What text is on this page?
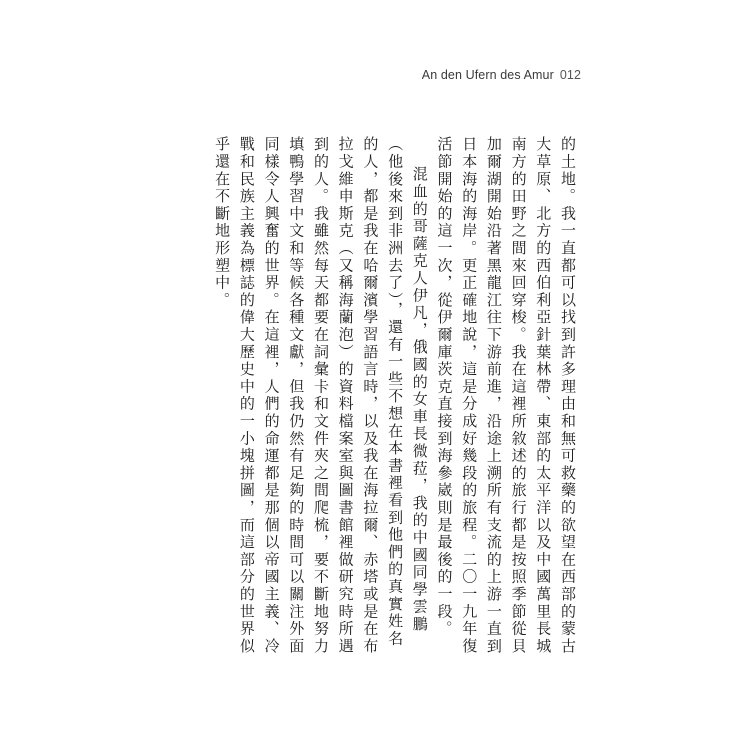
An den Ufern des Amur 012

的土地。我一直都可以找到許多理由和無可救藥的欲望在西部的蒙古大草原、北方的西伯利亞針葉林帶、東部的太平洋以及中國萬里長城南方的田野之間來回穿梭。我在這裡所敘述的旅行都是按照季節從貝加爾湖開始沿著黑龍江往下游前進，沿途上溯所有支流的上游一直到日本海的海岸。更正確地說，這是分成好幾段的旅程。二〇一九年復活節開始的這一次，從伊爾庫茨克直接到海參崴則是最後的一段。

混血的哥薩克人伊凡，俄國的女車長微菈，我的中國同學雲鵬（他後來到非洲去了），還有一些不想在本書裡看到他們的真實姓名的人，都是我在哈爾濱學習語言時，以及我在海拉爾、赤塔或是在布拉戈維申斯克（又稱海蘭泡）的資料檔案室與圖書館裡做研究時所遇到的人。我雖然每天都要在詞彙卡和文件夾之間爬梳，要不斷地努力填鴨學習中文和等候各種文獻，但我仍然有足夠的時間可以關注外面同樣令人興奮的世界。在這裡，人們的命運都是那個以帝國主義、冷戰和民族主義為標誌的偉大歷史中的一小塊拼圖，而這部分的世界似乎還在不斷地形塑中。
